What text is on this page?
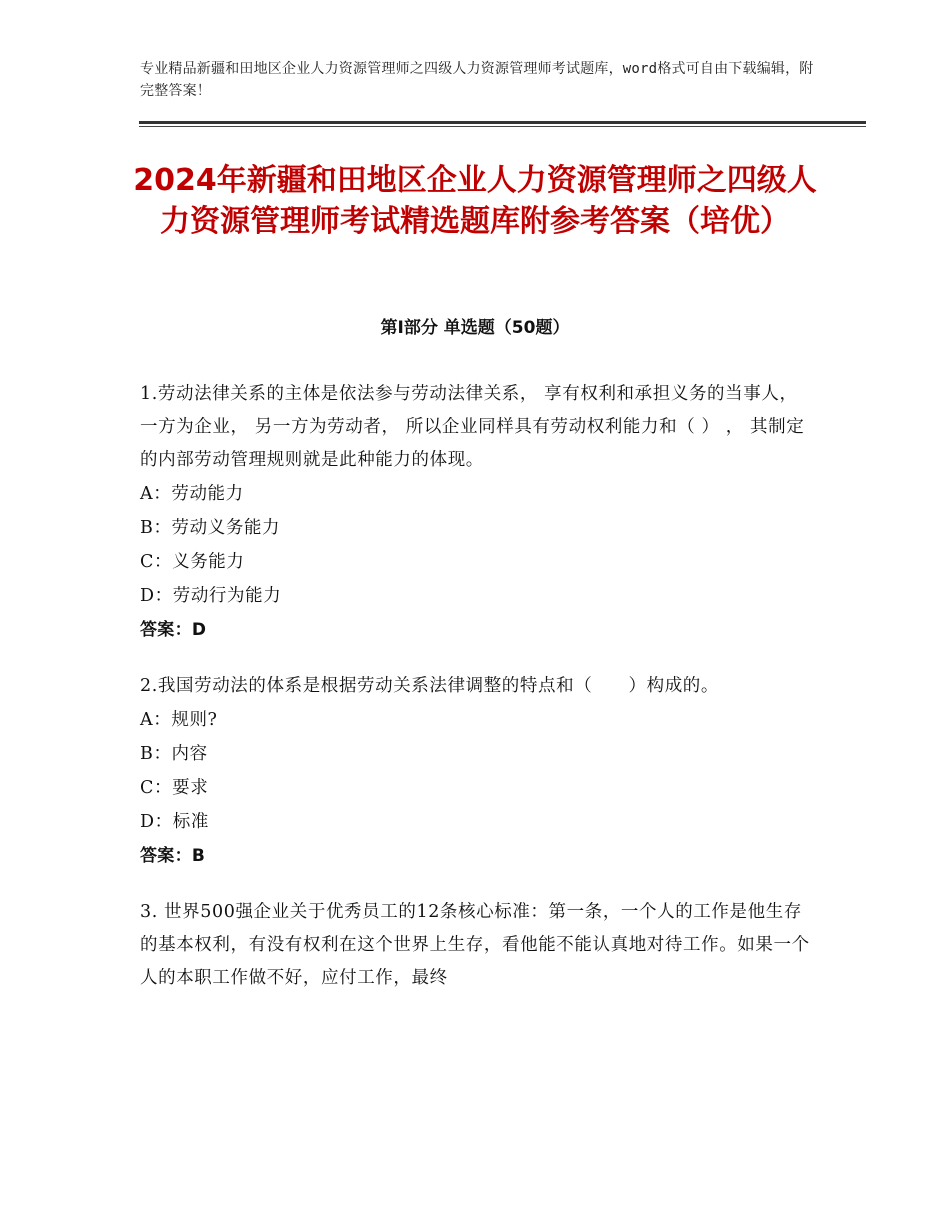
专业精品新疆和田地区企业人力资源管理师之四级人力资源管理师考试题库，word格式可自由下载编辑，附完整答案！
2024年新疆和田地区企业人力资源管理师之四级人力资源管理师考试精选题库附参考答案（培优）
第Ⅰ部分 单选题（50题）
1.劳动法律关系的主体是依法参与劳动法律关系， 享有权利和承担义务的当事人， 一方为企业， 另一方为劳动者， 所以企业同样具有劳动权利能力和（ ） ， 其制定的内部劳动管理规则就是此种能力的体现。
A：劳动能力
B：劳动义务能力
C：义务能力
D：劳动行为能力
答案：D
2.我国劳动法的体系是根据劳动关系法律调整的特点和（　　）构成的。
A：规则?
B：内容
C：要求
D：标准
答案：B
3. 世界500强企业关于优秀员工的12条核心标准：第一条，一个人的工作是他生存的基本权利，有没有权利在这个世界上生存，看他能不能认真地对待工作。如果一个人的本职工作做不好，应付工作，最终
